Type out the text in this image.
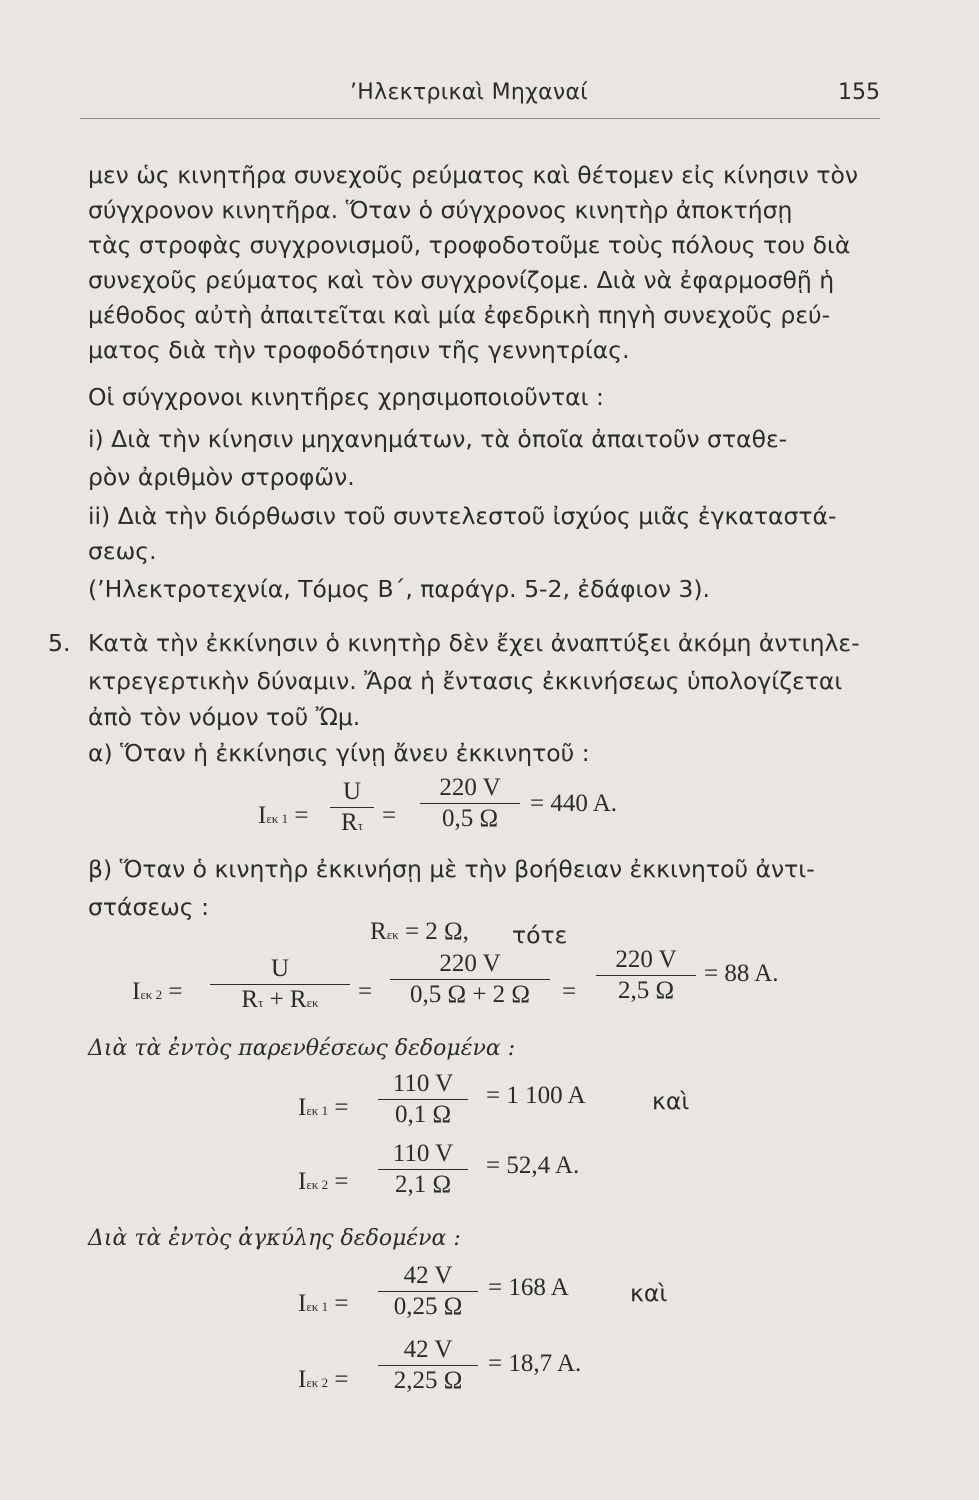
’Ηλεκτρικαὶ Μηχαναί	155
μεν ὡς κινητῆρα συνεχοῦς ρεύματος καὶ θέτομεν εἰς κίνησιν τὸν
σύγχρονον κινητῆρα. Ὅταν ὁ σύγχρονος κινητὴρ ἀποκτήσῃ
τὰς στροφὰς συγχρονισμοῦ, τροφοδοτοῦμε τοὺς πόλους του διὰ
συνεχοῦς ρεύματος καὶ τὸν συγχρονίζομε. Διὰ νὰ ἐφαρμοσθῇ ἡ
μέθοδος αὐτὴ ἀπαιτεῖται καὶ μία ἐφεδρικὴ πηγὴ συνεχοῦς ρεύ-
ματος διὰ τὴν τροφοδότησιν τῆς γεννητρίας.
Οἱ σύγχρονοι κινητῆρες χρησιμοποιοῦνται :
i) Διὰ τὴν κίνησιν μηχανημάτων, τὰ ὁποῖα ἀπαιτοῦν σταθε-
ρὸν ἀριθμὸν στροφῶν.
ii) Διὰ τὴν διόρθωσιν τοῦ συντελεστοῦ ἰσχύος μιᾶς ἐγκαταστά-
σεως.
(’Ηλεκτροτεχνία, Τόμος Β΄, παράγρ. 5-2, ἐδάφιον 3).
5. Κατὰ τὴν ἐκκίνησιν ὁ κινητὴρ δὲν ἔχει ἀναπτύξει ἀκόμη ἀντιηλε-
κτρεγερτικὴν δύναμιν. Ἄρα ἡ ἔντασις ἐκκινήσεως ὑπολογίζεται
ἀπὸ τὸν νόμον τοῦ Ὤμ.
α) Ὅταν ἡ ἐκκίνησις γίνῃ ἄνευ ἐκκινητοῦ :
Iεκ 1 =
U
Rτ =
220 V
0,5 Ω
= 440 A.
β) Ὅταν ὁ κινητὴρ ἐκκινήσῃ μὲ τὴν βοήθειαν ἐκκινητοῦ ἀντι-
στάσεως :
Rεκ = 2 Ω, τότε
Iεκ 2 =
U
Rτ + Rεκ	=
220 V
0,5 Ω + 2 Ω	=
220 V
2,5 Ω
= 88 A.
Διὰ τὰ ἐντὸς παρενθέσεως δεδομένα :
Iεκ 1 =
110 V
0,1 Ω
= 1 100 A	καὶ
Iεκ 2 =
110 V
2,1 Ω
= 52,4 A.
Διὰ τὰ ἐντὸς ἀγκύλης δεδομένα :
Iεκ 1 =
42 V
0,25 Ω
= 168 A	καὶ
Iεκ 2 =
42 V
2,25 Ω
= 18,7 A.
